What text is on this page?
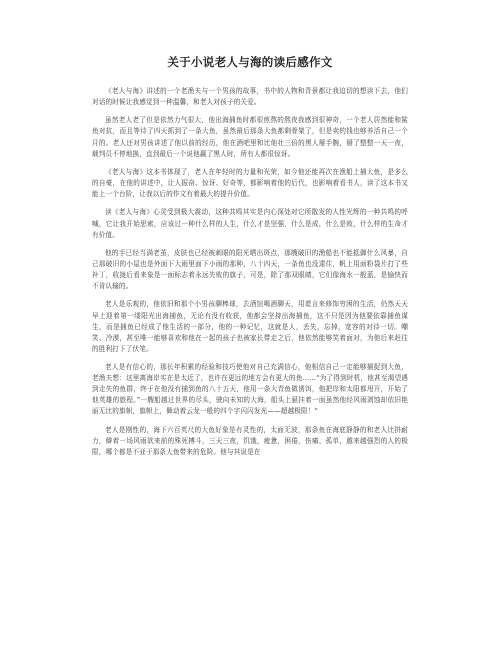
关于小说老人与海的读后感作文

《老人与海》讲述的一个老渔夫与一个男孩的故事，书中的人物和背景都让我迫切的想读下去，他们对话的时候让我感觉到一种温馨，和老人对孩子的关爱。

虽然老人老了但是依然力气很大，他出海捕鱼时都很煎熬的熬夜我感到很神奇，一个老人居然能和鲨鱼对抗，而且等待了四天抓到了一条大鱼，虽然最后那条大鱼都剩骨架了，但是卖的钱也够养活自己一个月的。老人还对男孩讲述了他以前的经历，他在酒吧里和比他壮三倍的黑人掰手腕，掰了整整一天一夜，载判员不停地换，直到最后一个说他赢了黑人时，所有人都很惊讶。

《老人与海》这本书体现了，老人在年轻时的力量和光荣，如今他还能再次在渔船上捕大鱼，是多么的自豪，在他的讲述中，让人振奋、惊讶、好奇等，都影响着他的后代，也影响着看书人，读了这本书又能上一个台阶，让我以后的作文有着最大的提升价值。

读《老人与海》心灵受到极大震动，这种共鸣其实是内心深处对它所散发的人性光辉的一种共鸣的呼喊，它让我开始思索，应该过一种什么样的人生，什么才是坚强，什么是成，什么是败，什么样的生命才有价值。

他的手已经当满老茧，皮肤也已经被刺眼的阳光晒出斑点，那艘破旧的渔船也不能抵御什么风暴，自己那破旧的小屋也是外面下大雨里面下小雨的那种，八十四天，一条鱼也没逮住，帆上用面粉袋片打了些补丁，收拢后看来象是一面标志着永远失败的旗子，可是，除了那双眼睛，它们像海水一般蓝，是愉快而不肯认输的。

老人是乐观的，他依旧和那个小男孩聊棒球，去酒馆喝酒聊天，用谎言来修饰穷困的生活，仍然天天早上迎着第一缕阳光出海捕鱼，无论有没有收获，他都会坚持出海捕鱼，这不只是因为他要依靠捕鱼谋生，而是捕鱼已经成了他生活的一部分，他的一种记忆，这就是人，丢失，忘掉，宽容的对待一切。嘲笑、冷漠，甚至唯一能够喜欢和他在一起的孩子也被家长带走之后，他依然能够笑着面对，为他后来赶往的胜利打下了伏笔。

老人是有信心的，那长年积累的经验和技巧使他对自己充满信心，他相信自己一定能够捕捉到大鱼，老渔夫想：这里离海岸实在是太近了，也许在更远的地方会有更大的鱼……“为了得到时机，他甚至渴望遇到走失的鱼群，终于在他没有捕到鱼的八十五天，他用一条大青鱼做诱饵，他把岸和太阳都甩开，开始了他英雄的旅程。”一艘船越过世界的尽头，驶向未知的大海，船头上悬挂着一面虽然他经风雨剥蚀却依旧艳丽无比的旗帜，旗帜上，舞动着云龙一般的四个字闪闪发光——超越极限！“

老人是刚性的，海下六百英尺的大鱼好象是有灵性的，太面无波，那条鱼在海底静静的和老人比拼耐力，僻着一场风雨欲来前的殊死搏斗，三天三夜，饥饿，疲惫，困倦，伤痛、孤单，越来越强烈的人的极限，哪个都是不亚于那条大鱼带来的危险。他与其说是在
